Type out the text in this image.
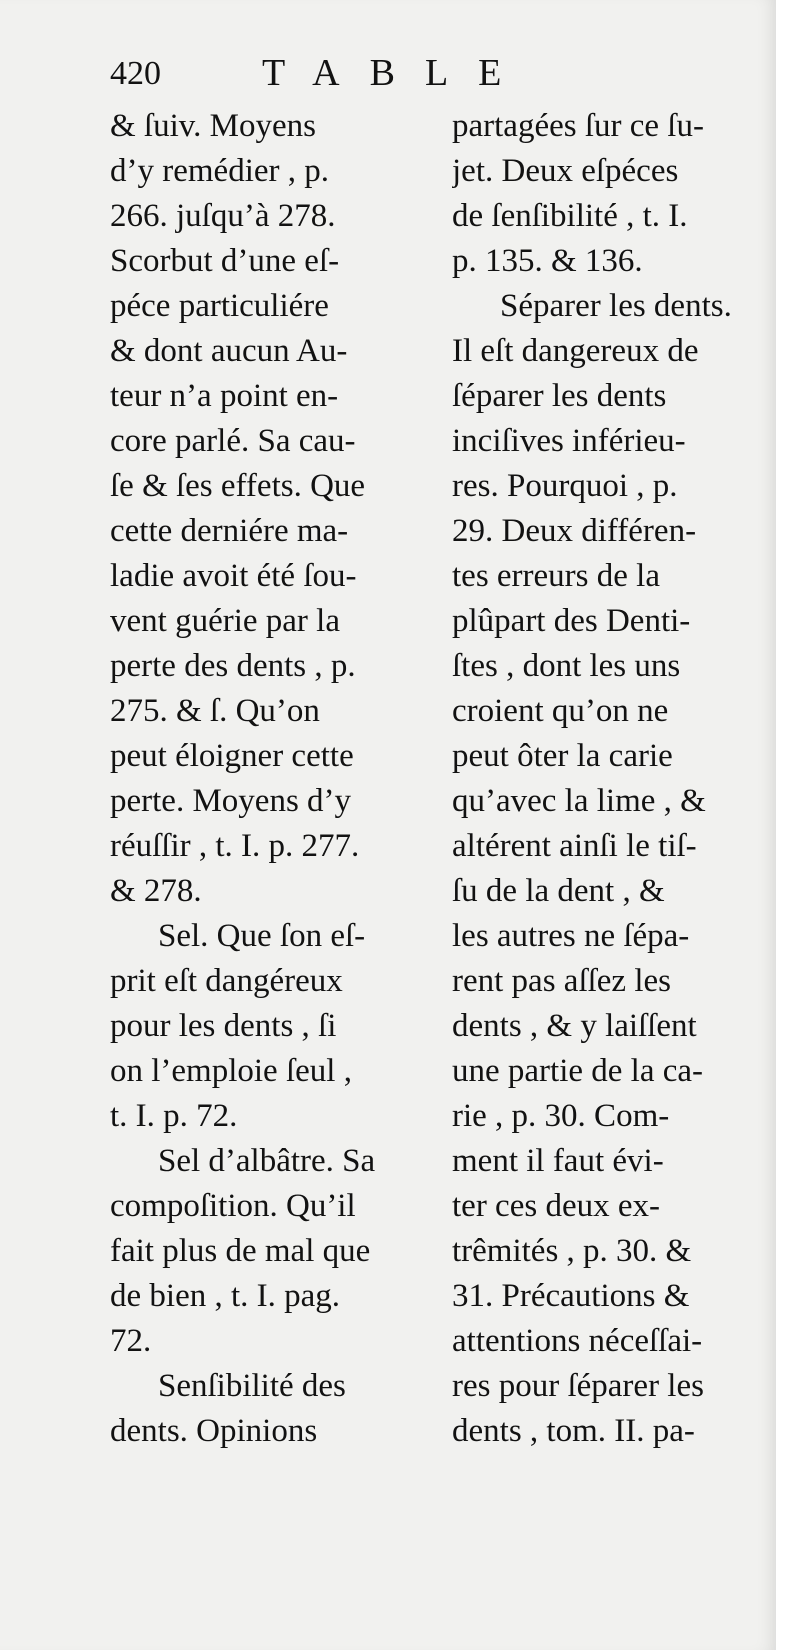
420	TABLE
& ſuiv. Moyens
d’y remédier , p.
266. juſqu’à 278.
Scorbut d’une eſ-
péce particuliére
& dont aucun Au-
teur n’a point en-
core parlé. Sa cau-
ſe & ſes effets. Que
cette derniére ma-
ladie avoit été ſou-
vent guérie par la
perte des dents , p.
275. & ſ. Qu’on
peut éloigner cette
perte. Moyens d’y
réuſſir , t. I. p. 277.
& 278.
Sel. Que ſon eſ-
prit eſt dangéreux
pour les dents , ſi
on l’emploie ſeul ,
t. I. p. 72.
Sel d’albâtre. Sa
compoſition. Qu’il
fait plus de mal que
de bien , t. I. pag.
72.
Senſibilité des
dents. Opinions
partagées ſur ce ſu-
jet. Deux eſpéces
de ſenſibilité , t. I.
p. 135. & 136.
Séparer les dents.
Il eſt dangereux de
ſéparer les dents
inciſives inférieu-
res. Pourquoi , p.
29. Deux différen-
tes erreurs de la
plûpart des Denti-
ſtes , dont les uns
croient qu’on ne
peut ôter la carie
qu’avec la lime , &
altérent ainſi le tiſ-
ſu de la dent , &
les autres ne ſépa-
rent pas aſſez les
dents , & y laiſſent
une partie de la ca-
rie , p. 30. Com-
ment il faut évi-
ter ces deux ex-
trêmités , p. 30. &
31. Précautions &
attentions néceſſai-
res pour ſéparer les
dents , tom. II. pa-
